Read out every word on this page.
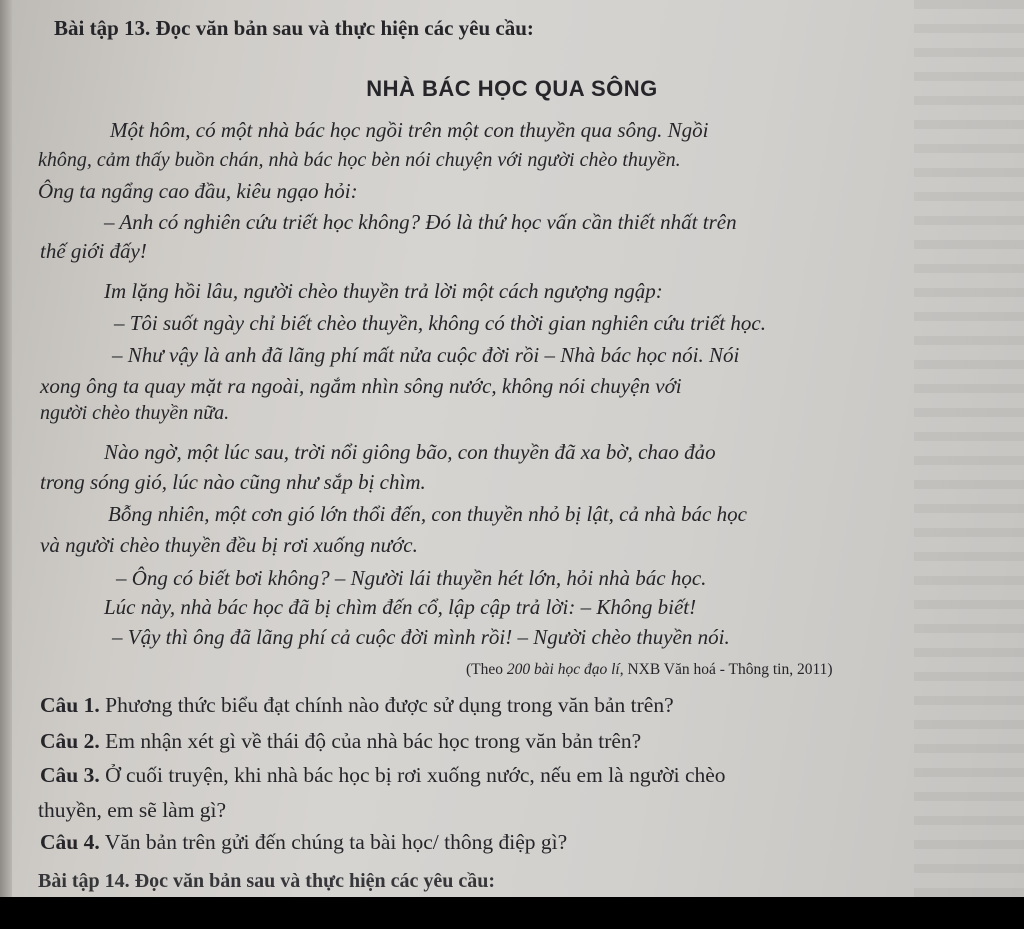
Bài tập 13. Đọc văn bản sau và thực hiện các yêu cầu:
NHÀ BÁC HỌC QUA SÔNG
Một hôm, có một nhà bác học ngồi trên một con thuyền qua sông. Ngồi
không, cảm thấy buồn chán, nhà bác học bèn nói chuyện với người chèo thuyền.
Ông ta ngẩng cao đầu, kiêu ngạo hỏi:
– Anh có nghiên cứu triết học không? Đó là thứ học vấn cần thiết nhất trên
thế giới đấy!
Im lặng hồi lâu, người chèo thuyền trả lời một cách ngượng ngập:
– Tôi suốt ngày chỉ biết chèo thuyền, không có thời gian nghiên cứu triết học.
– Như vậy là anh đã lãng phí mất nửa cuộc đời rồi – Nhà bác học nói. Nói
xong ông ta quay mặt ra ngoài, ngắm nhìn sông nước, không nói chuyện với
người chèo thuyền nữa.
Nào ngờ, một lúc sau, trời nổi giông bão, con thuyền đã xa bờ, chao đảo
trong sóng gió, lúc nào cũng như sắp bị chìm.
Bỗng nhiên, một cơn gió lớn thổi đến, con thuyền nhỏ bị lật, cả nhà bác học
và người chèo thuyền đều bị rơi xuống nước.
– Ông có biết bơi không? – Người lái thuyền hét lớn, hỏi nhà bác học.
Lúc này, nhà bác học đã bị chìm đến cổ, lập cập trả lời: – Không biết!
– Vậy thì ông đã lãng phí cả cuộc đời mình rồi! – Người chèo thuyền nói.
(Theo 200 bài học đạo lí, NXB Văn hoá - Thông tin, 2011)
Câu 1. Phương thức biểu đạt chính nào được sử dụng trong văn bản trên?
Câu 2. Em nhận xét gì về thái độ của nhà bác học trong văn bản trên?
Câu 3. Ở cuối truyện, khi nhà bác học bị rơi xuống nước, nếu em là người chèo
thuyền, em sẽ làm gì?
Câu 4. Văn bản trên gửi đến chúng ta bài học/ thông điệp gì?
Bài tập 14. Đọc văn bản sau và thực hiện các yêu cầu:
